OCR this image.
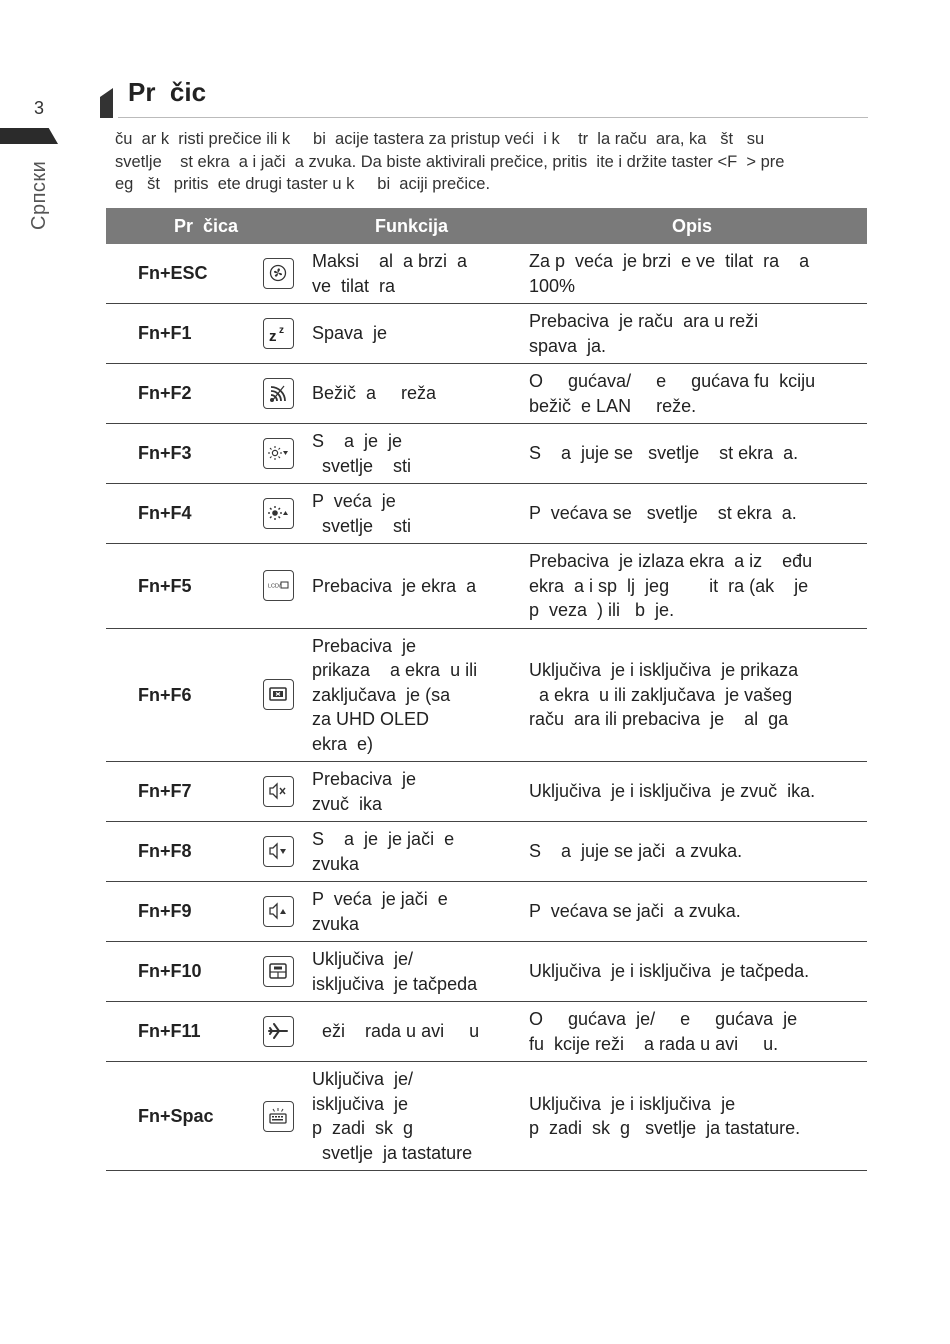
3
Српски
Pr  čic
ču  ar k  risti prečice ili k     bi  acije tastera za pristup veći  i k    tr  la raču  ara, ka   št   su
svetlje    st ekra  a i jači  a zvuka. Da biste aktivirali prečice, pritis  ite i držite taster <F  > pre
eg   št   pritis  ete drugi taster u k     bi  aciji prečice.
Pr  čica		Funkcija	Opis
Fn+ESC		Maksi    al  a brzi  a
ve  tilat  ra	Za p  veća  je brzi  e ve  tilat  ra    a
100%

Fn+F1	z z	Spava  je	Prebaciva  je raču  ara u reži
spava  ja.

Fn+F2		Bežič  a     reža	O     gućava/     e     gućava fu  kciju
bežič  e LAN     reže.

Fn+F3		S    a  je  je
svetlje    sti	S    a  juje se   svetlje    st ekra  a.

Fn+F4		P  veća  je
svetlje    sti	P  većava se   svetlje    st ekra  a.

Fn+F5	LCD/	Prebaciva  je ekra  a	Prebaciva  je izlaza ekra  a iz    eđu
ekra  a i sp  lj  jeg        it  ra (ak    je
p  veza  ) ili   b  je.

Fn+F6		Prebaciva  je
prikaza    a ekra  u ili
zaključava  je (sa
za UHD OLED
ekra  e)	Uključiva  je i isključiva  je prikaza
a ekra  u ili zaključava  je vašeg
raču  ara ili prebaciva  je    al  ga

Fn+F7		Prebaciva  je
zvuč  ika	Uključiva  je i isključiva  je zvuč  ika.

Fn+F8		S    a  je  je jači  e
zvuka	S    a  juje se jači  a zvuka.

Fn+F9		P  veća  je jači  e
zvuka	P  većava se jači  a zvuka.

Fn+F10		Uključiva  je/
isključiva  je tačpeda	Uključiva  je i isključiva  je tačpeda.

Fn+F11		eži    rada u avi     u	O     gućava  je/     e     gućava  je
fu  kcije reži    a rada u avi     u.

Fn+Spac		Uključiva  je/
isključiva  je
p  zadi  sk  g
svetlje  ja tastature	Uključiva  je i isključiva  je
p  zadi  sk  g   svetlje  ja tastature.
